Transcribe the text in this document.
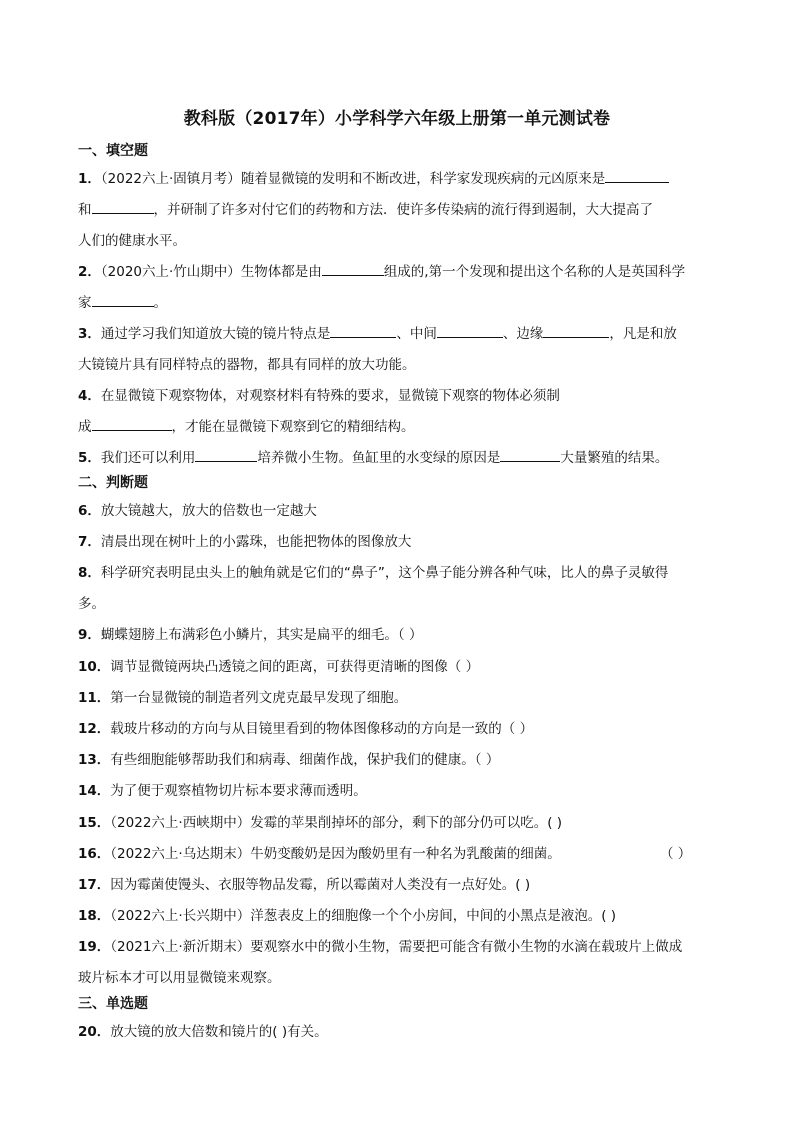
教科版（2017年）小学科学六年级上册第一单元测试卷
一、填空题
1．（2022六上·固镇月考）随着显微镜的发明和不断改进，科学家发现疾病的元凶原来是
和	，并研制了许多对付它们的药物和方法．使许多传染病的流行得到遏制，大大提高了
人们的健康水平。
2．（2020六上·竹山期中）生物体都是由	组成的,第一个发现和提出这个名称的人是英国科学
家	。
3．通过学习我们知道放大镜的镜片特点是	、中间	、边缘	，凡是和放
大镜镜片具有同样特点的器物，都具有同样的放大功能。
4．在显微镜下观察物体，对观察材料有特殊的要求，显微镜下观察的物体必须制
成	，才能在显微镜下观察到它的精细结构。
5．我们还可以利用	培养微小生物。鱼缸里的水变绿的原因是	大量繁殖的结果。
二、判断题
6．放大镜越大，放大的倍数也一定越大
7．清晨出现在树叶上的小露珠，也能把物体的图像放大
8．科学研究表明昆虫头上的触角就是它们的“鼻子”，这个鼻子能分辨各种气味，比人的鼻子灵敏得
多。
9．蝴蝶翅膀上布满彩色小鳞片，其实是扁平的细毛。（ ）
10．调节显微镜两块凸透镜之间的距离，可获得更清晰的图像（ ）
11．第一台显微镜的制造者列文虎克最早发现了细胞。
12．载玻片移动的方向与从目镜里看到的物体图像移动的方向是一致的（ ）
13．有些细胞能够帮助我们和病毒、细菌作战，保护我们的健康。（ ）
14．为了便于观察植物切片标本要求薄而透明。
15．（2022六上·西峡期中）发霉的苹果削掉坏的部分，剩下的部分仍可以吃。( )
16．（2022六上·乌达期末）牛奶变酸奶是因为酸奶里有一种名为乳酸菌的细菌。	（ ）
17．因为霉菌使馒头、衣服等物品发霉，所以霉菌对人类没有一点好处。( )
18．（2022六上·长兴期中）洋葱表皮上的细胞像一个个小房间，中间的小黑点是液泡。( )
19．（2021六上·新沂期末）要观察水中的微小生物，需要把可能含有微小生物的水滴在载玻片上做成
玻片标本才可以用显微镜来观察。
三、单选题
20．放大镜的放大倍数和镜片的( )有关。
